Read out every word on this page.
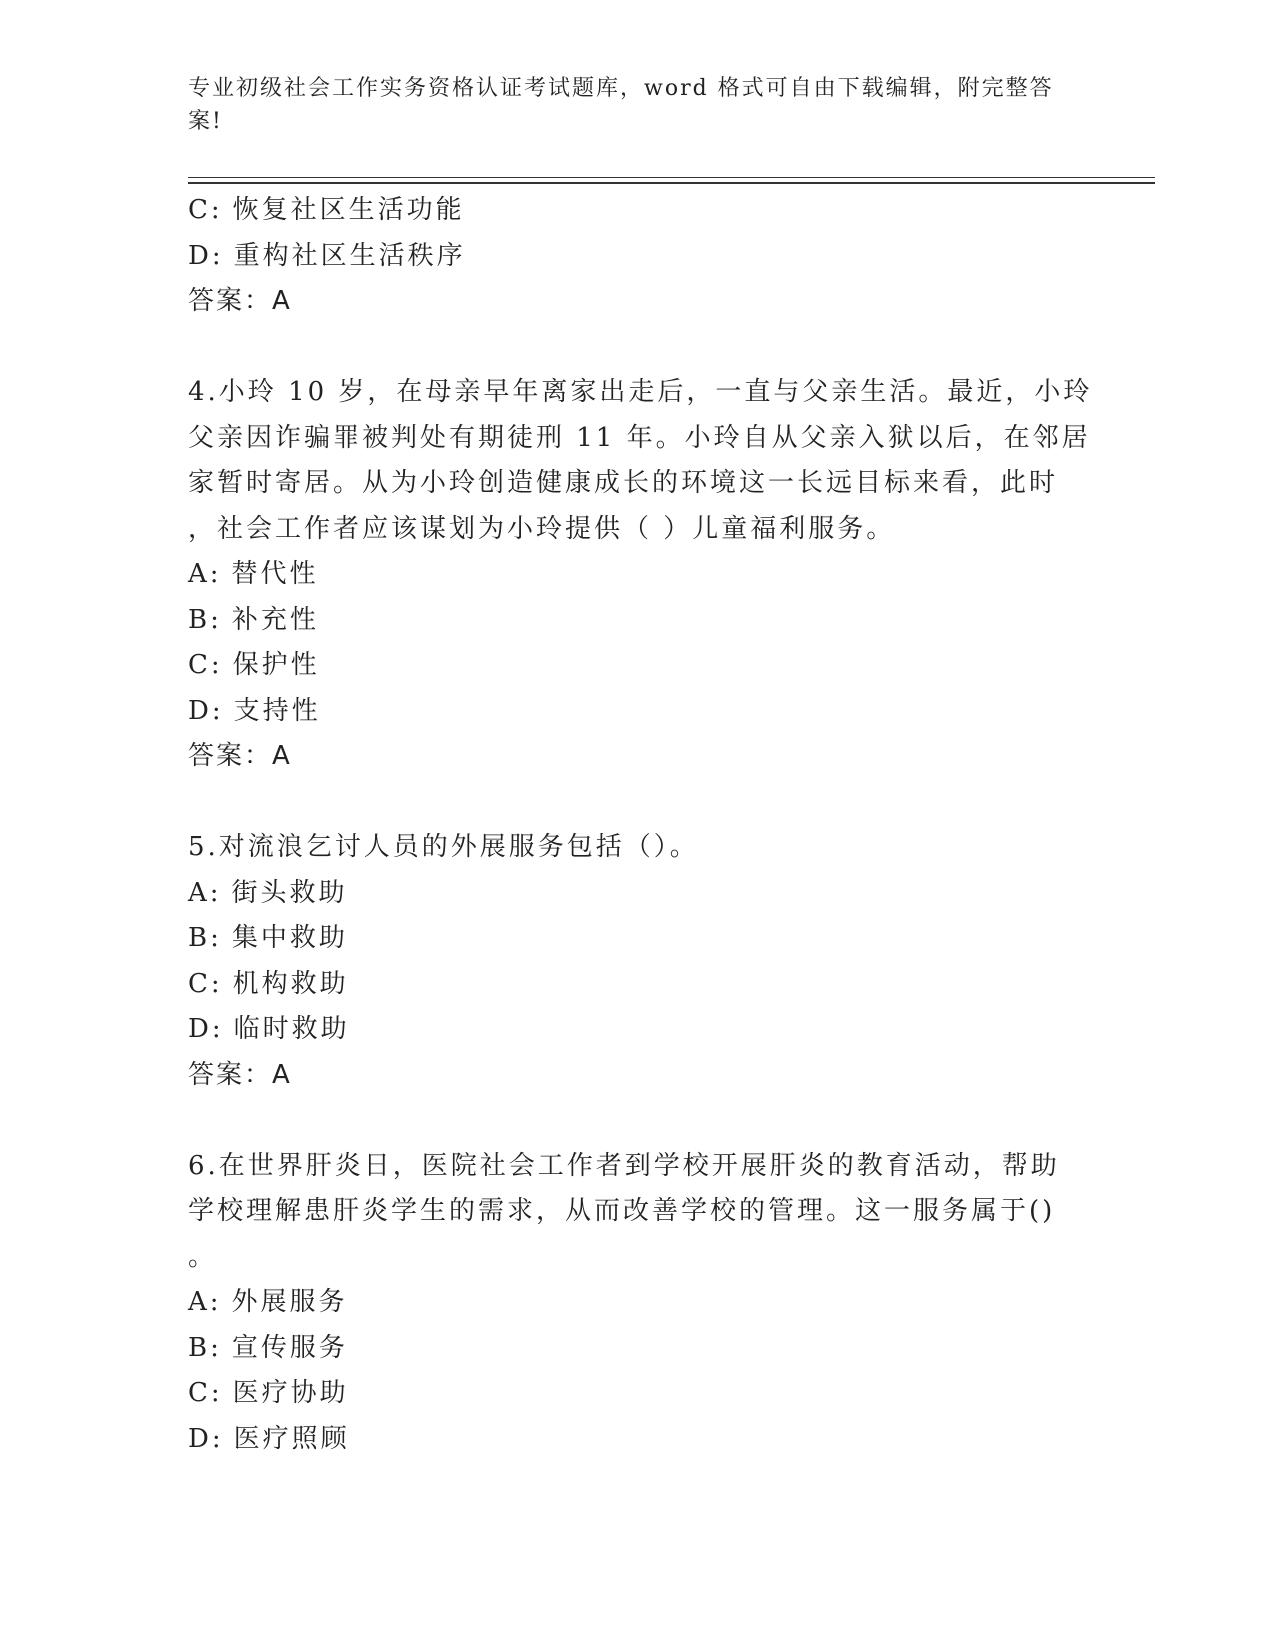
专业初级社会工作实务资格认证考试题库，word 格式可自由下载编辑，附完整答
案!
C: 恢复社区生活功能
D: 重构社区生活秩序
答案：A
4.小玲 10 岁，在母亲早年离家出走后，一直与父亲生活。最近，小玲
父亲因诈骗罪被判处有期徒刑 11 年。小玲自从父亲入狱以后，在邻居
家暂时寄居。从为小玲创造健康成长的环境这一长远目标来看，此时
，社会工作者应该谋划为小玲提供（ ）儿童福利服务。
A: 替代性
B: 补充性
C: 保护性
D: 支持性
答案：A
5.对流浪乞讨人员的外展服务包括（）。
A: 街头救助
B: 集中救助
C: 机构救助
D: 临时救助
答案：A
6.在世界肝炎日，医院社会工作者到学校开展肝炎的教育活动，帮助
学校理解患肝炎学生的需求，从而改善学校的管理。这一服务属于()
。
A: 外展服务
B: 宣传服务
C: 医疗协助
D: 医疗照顾
